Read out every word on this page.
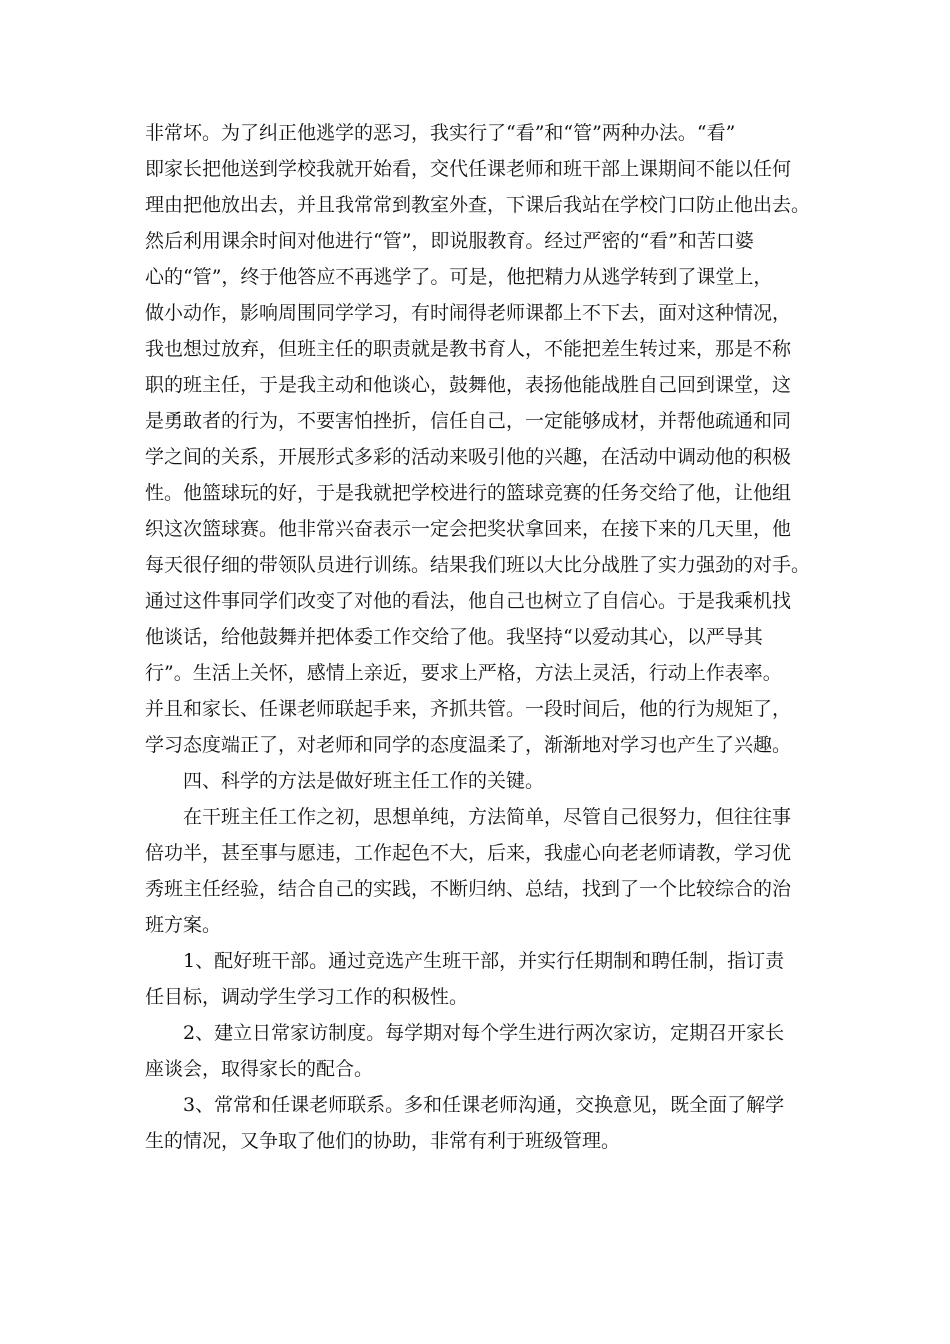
非常坏。为了纠正他逃学的恶习，我实行了“看”和“管”两种办法。“看”
即家长把他送到学校我就开始看，交代任课老师和班干部上课期间不能以任何
理由把他放出去，并且我常常到教室外查，下课后我站在学校门口防止他出去。
然后利用课余时间对他进行“管”，即说服教育。经过严密的“看”和苦口婆
心的“管”，终于他答应不再逃学了。可是，他把精力从逃学转到了课堂上，
做小动作，影响周围同学学习，有时闹得老师课都上不下去，面对这种情况，
我也想过放弃，但班主任的职责就是教书育人，不能把差生转过来，那是不称
职的班主任，于是我主动和他谈心，鼓舞他，表扬他能战胜自己回到课堂，这
是勇敢者的行为，不要害怕挫折，信任自己，一定能够成材，并帮他疏通和同
学之间的关系，开展形式多彩的活动来吸引他的兴趣，在活动中调动他的积极
性。他篮球玩的好，于是我就把学校进行的篮球竞赛的任务交给了他，让他组
织这次篮球赛。他非常兴奋表示一定会把奖状拿回来，在接下来的几天里，他
每天很仔细的带领队员进行训练。结果我们班以大比分战胜了实力强劲的对手。
通过这件事同学们改变了对他的看法，他自己也树立了自信心。于是我乘机找
他谈话，给他鼓舞并把体委工作交给了他。我坚持“以爱动其心，以严导其
行”。生活上关怀，感情上亲近，要求上严格，方法上灵活，行动上作表率。
并且和家长、任课老师联起手来，齐抓共管。一段时间后，他的行为规矩了，
学习态度端正了，对老师和同学的态度温柔了，渐渐地对学习也产生了兴趣。
四、科学的方法是做好班主任工作的关键。
在干班主任工作之初，思想单纯，方法简单，尽管自己很努力，但往往事
倍功半，甚至事与愿违，工作起色不大，后来，我虚心向老老师请教，学习优
秀班主任经验，结合自己的实践，不断归纳、总结，找到了一个比较综合的治
班方案。
1、配好班干部。通过竞选产生班干部，并实行任期制和聘任制，指订责
任目标，调动学生学习工作的积极性。
2、建立日常家访制度。每学期对每个学生进行两次家访，定期召开家长
座谈会，取得家长的配合。
3、常常和任课老师联系。多和任课老师沟通，交换意见，既全面了解学
生的情况，又争取了他们的协助，非常有利于班级管理。
